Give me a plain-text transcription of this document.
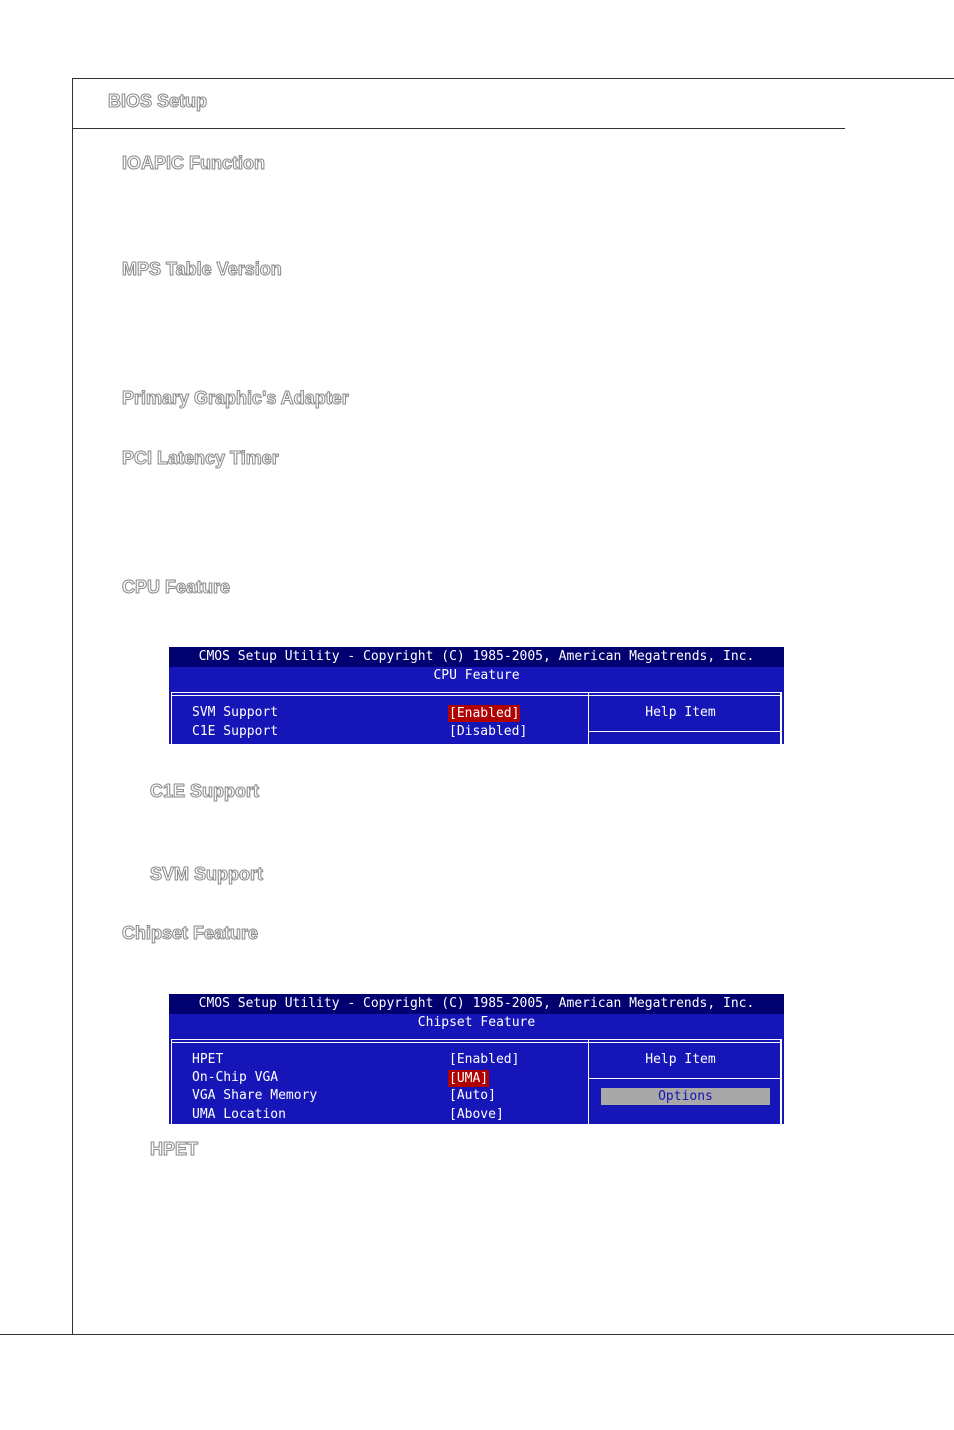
BIOS Setup
IOAPIC Function
MPS Table Version
Primary Graphic's Adapter
PCI Latency Timer
CPU Feature
CMOS Setup Utility - Copyright (C) 1985-2005, American Megatrends, Inc.
CPU Feature
SVM Support	[Enabled]
C1E Support	[Disabled]
Help Item
C1E Support
SVM Support
Chipset Feature
CMOS Setup Utility - Copyright (C) 1985-2005, American Megatrends, Inc.
Chipset Feature
HPET	[Enabled]
On-Chip VGA	[UMA]
VGA Share Memory	[Auto]
UMA Location	[Above]
Help Item
Options
HPET
